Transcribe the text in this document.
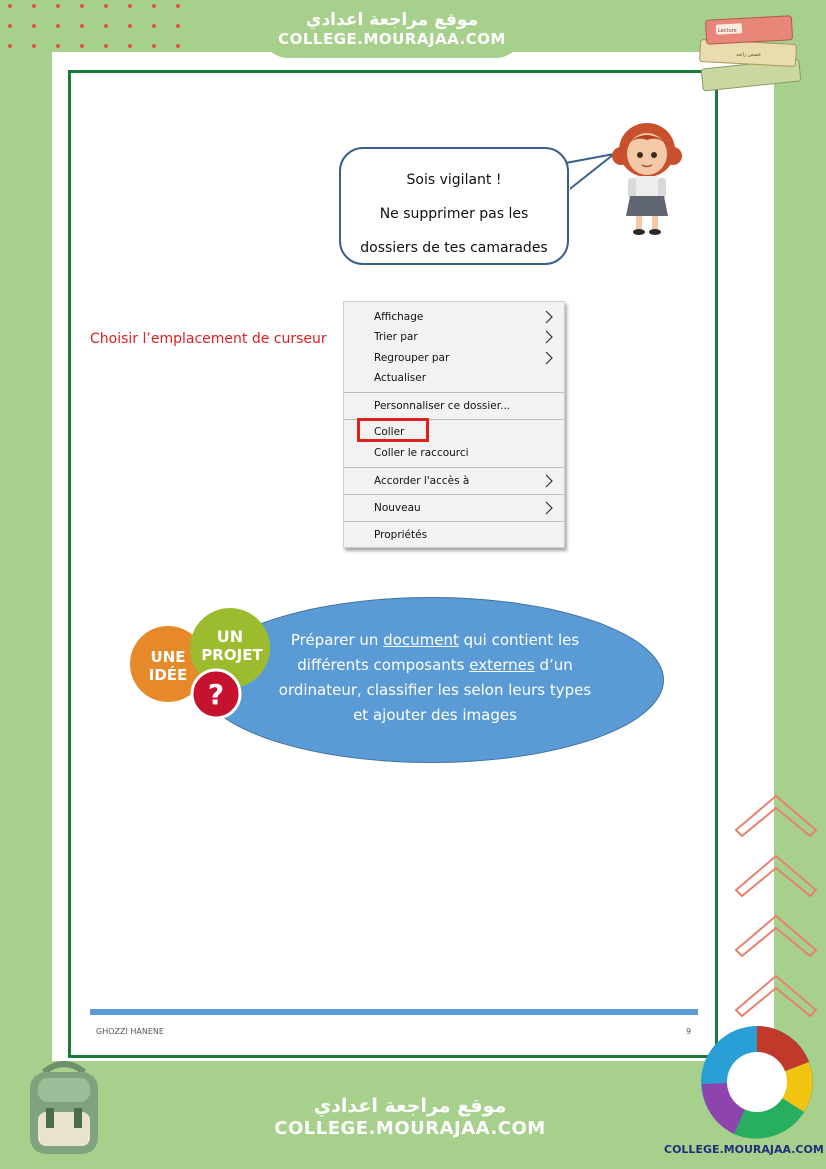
موقع مراجعة اعدادي
COLLEGE.MOURAJAA.COM	Lecture
قصص رائعة
Sois vigilant !
Ne supprimer pas les
dossiers de tes camarades
Choisir l’emplacement de curseur
Affichage
Trier par
Regrouper par
Actualiser
Personnaliser ce dossier...
Coller
Coller le raccourci
Accorder l'accès à
Nouveau
Propriétés
Préparer un document qui contient les différents composants externes d’un ordinateur, classifier les selon leurs types et ajouter des images
UNE
IDÉE
UN
PROJET
?
GHOZZI HANENE	9
موقع مراجعة اعدادي
COLLEGE.MOURAJAA.COM
COLLEGE.MOURAJAA.COM
